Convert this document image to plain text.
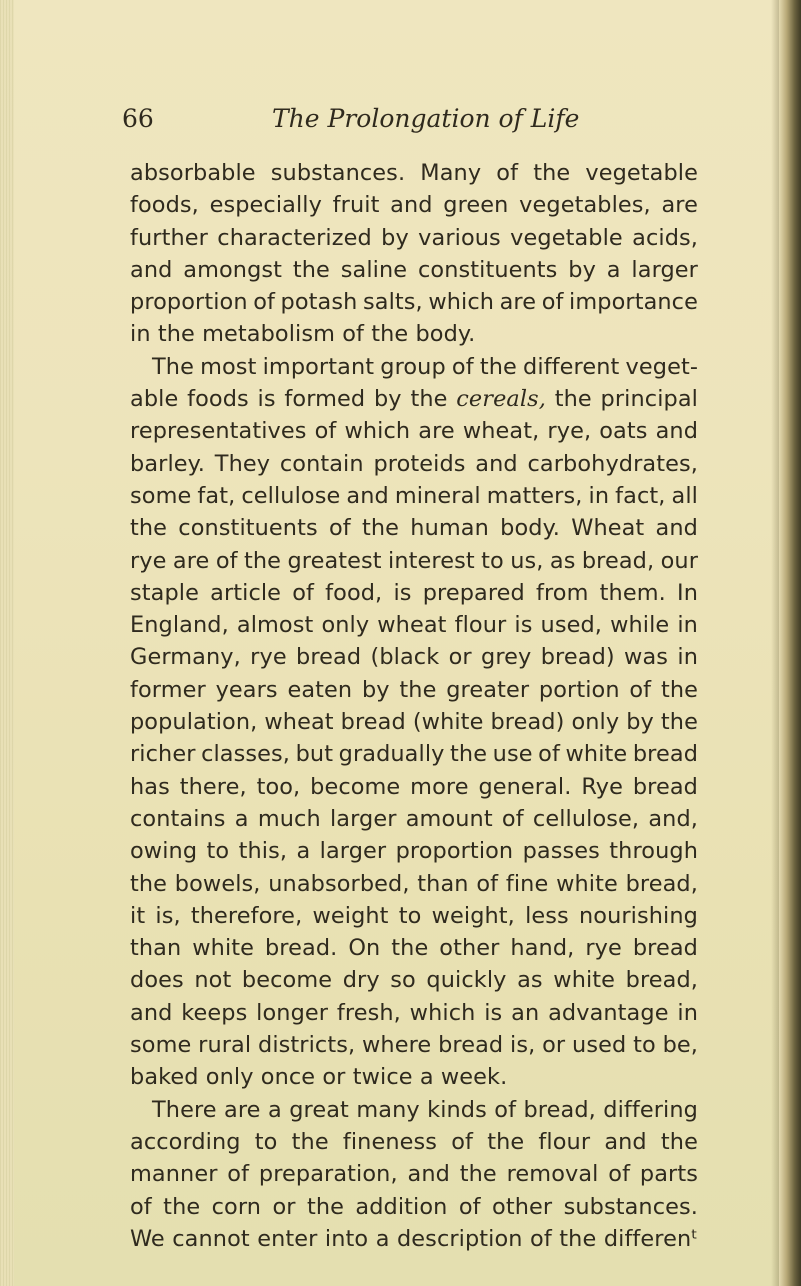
66	The Prolongation of Life
absorbable substances. Many of the vegetable
foods, especially fruit and green vegetables, are
further characterized by various vegetable acids,
and amongst the saline constituents by a larger
proportion of potash salts, which are of importance
in the metabolism of the body.
The most important group of the different veget-
able foods is formed by the cereals, the principal
representatives of which are wheat, rye, oats and
barley. They contain proteids and carbohydrates,
some fat, cellulose and mineral matters, in fact, all
the constituents of the human body. Wheat and
rye are of the greatest interest to us, as bread, our
staple article of food, is prepared from them. In
England, almost only wheat flour is used, while in
Germany, rye bread (black or grey bread) was in
former years eaten by the greater portion of the
population, wheat bread (white bread) only by the
richer classes, but gradually the use of white bread
has there, too, become more general. Rye bread
contains a much larger amount of cellulose, and,
owing to this, a larger proportion passes through
the bowels, unabsorbed, than of fine white bread,
it is, therefore, weight to weight, less nourishing
than white bread. On the other hand, rye bread
does not become dry so quickly as white bread,
and keeps longer fresh, which is an advantage in
some rural districts, where bread is, or used to be,
baked only once or twice a week.
There are a great many kinds of bread, differing
according to the fineness of the flour and the
manner of preparation, and the removal of parts
of the corn or the addition of other substances.
We cannot enter into a description of the differenᵗ
